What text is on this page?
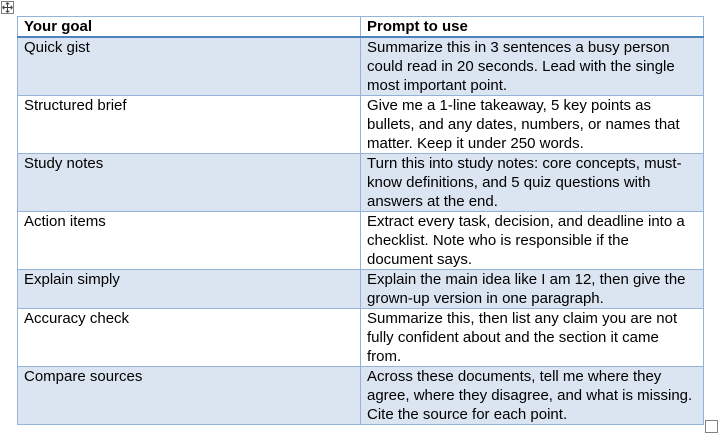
Your goal	Prompt to use
Quick gist	Summarize this in 3 sentences a busy person could read in 20 seconds. Lead with the single most important point.
Structured brief	Give me a 1-line takeaway, 5 key points as bullets, and any dates, numbers, or names that matter. Keep it under 250 words.
Study notes	Turn this into study notes: core concepts, must-know definitions, and 5 quiz questions with answers at the end.
Action items	Extract every task, decision, and deadline into a checklist. Note who is responsible if the document says.
Explain simply	Explain the main idea like I am 12, then give the grown-up version in one paragraph.
Accuracy check	Summarize this, then list any claim you are not fully confident about and the section it came from.
Compare sources	Across these documents, tell me where they agree, where they disagree, and what is missing. Cite the source for each point.
